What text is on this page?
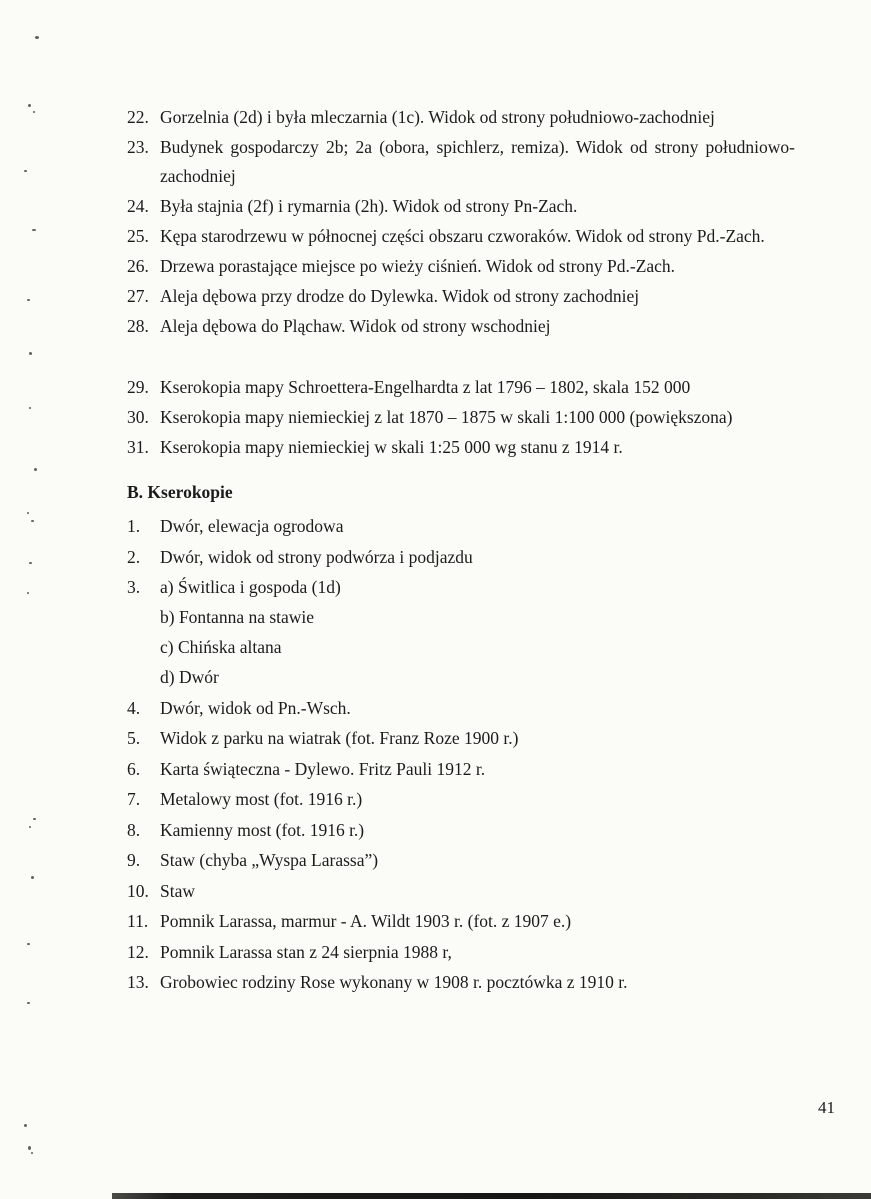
22. Gorzelnia (2d) i była mleczarnia (1c). Widok od strony południowo-zachodniej
23. Budynek gospodarczy 2b; 2a (obora, spichlerz, remiza). Widok od strony południowo-zachodniej
24. Była stajnia (2f) i rymarnia (2h). Widok od strony Pn-Zach.
25. Kępa starodrzewu w północnej części obszaru czworaków. Widok od strony Pd.-Zach.
26. Drzewa porastające miejsce po wieży ciśnień. Widok od strony Pd.-Zach.
27. Aleja dębowa przy drodze do Dylewka. Widok od strony zachodniej
28. Aleja dębowa do Pląchaw. Widok od strony wschodniej
29. Kserokopia mapy Schroettera-Engelhardta z lat 1796 – 1802, skala 152 000
30. Kserokopia mapy niemieckiej z lat 1870 – 1875 w skali 1:100 000 (powiększona)
31. Kserokopia mapy niemieckiej w skali 1:25 000 wg stanu z 1914 r.
B. Kserokopie
1.	Dwór, elewacja ogrodowa
2.	Dwór, widok od strony podwórza i podjazdu
3.	a) Świtlica i gospoda (1d)
b) Fontanna na stawie
c) Chińska altana
d) Dwór
4.	Dwór, widok od Pn.-Wsch.
5.	Widok z parku na wiatrak (fot. Franz Roze 1900 r.)
6.	Karta świąteczna - Dylewo. Fritz Pauli 1912 r.
7.	Metalowy most (fot. 1916 r.)
8.	Kamienny most (fot. 1916 r.)
9.	Staw (chyba „Wyspa Larassa”)
10. Staw
11. Pomnik Larassa, marmur - A. Wildt 1903 r. (fot. z 1907 e.)
12. Pomnik Larassa stan z 24 sierpnia 1988 r,
13. Grobowiec rodziny Rose wykonany w 1908 r. pocztówka z 1910 r.
41
